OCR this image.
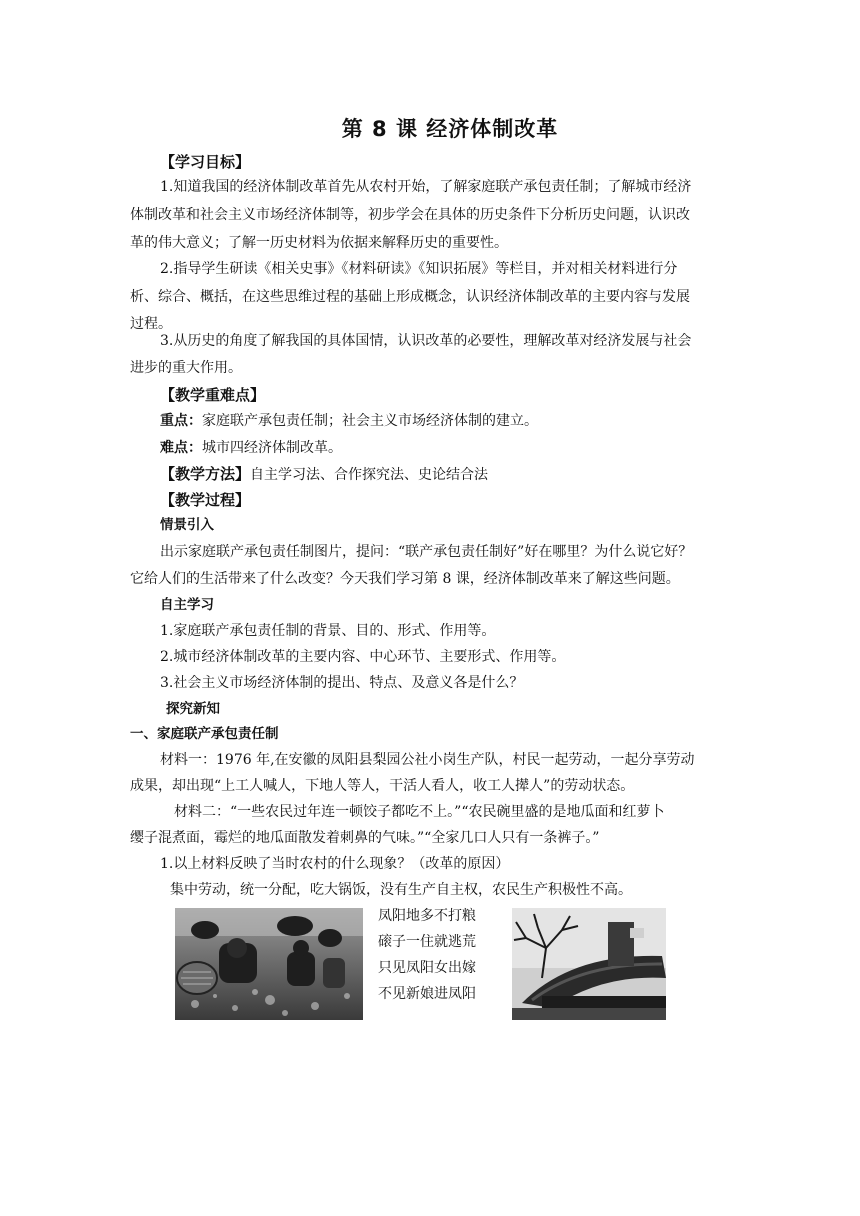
第 8 课 经济体制改革
【学习目标】
1.知道我国的经济体制改革首先从农村开始，了解家庭联产承包责任制；了解城市经济
体制改革和社会主义市场经济体制等，初步学会在具体的历史条件下分析历史问题，认识改
革的伟大意义；了解一历史材料为依据来解释历史的重要性。
2.指导学生研读《相关史事》《材料研读》《知识拓展》等栏目，并对相关材料进行分
析、综合、概括，在这些思维过程的基础上形成概念，认识经济体制改革的主要内容与发展
过程。
3.从历史的角度了解我国的具体国情，认识改革的必要性，理解改革对经济发展与社会
进步的重大作用。
【教学重难点】
重点：家庭联产承包责任制；社会主义市场经济体制的建立。
难点：城市四经济体制改革。
【教学方法】自主学习法、合作探究法、史论结合法
【教学过程】
情景引入
出示家庭联产承包责任制图片，提问：“联产承包责任制好”好在哪里？为什么说它好？
它给人们的生活带来了什么改变？今天我们学习第 8 课，经济体制改革来了解这些问题。
自主学习
1.家庭联产承包责任制的背景、目的、形式、作用等。
2.城市经济体制改革的主要内容、中心环节、主要形式、作用等。
3.社会主义市场经济体制的提出、特点、及意义各是什么？
探究新知
一、家庭联产承包责任制
材料一：1976 年,在安徽的凤阳县梨园公社小岗生产队，村民一起劳动，一起分享劳动
成果，却出现“上工人喊人，下地人等人，干活人看人，收工人撵人”的劳动状态。
材料二：“一些农民过年连一顿饺子都吃不上。”“农民碗里盛的是地瓜面和红萝卜
缨子混煮面，霉烂的地瓜面散发着刺鼻的气味。”“全家几口人只有一条裤子。”
1.以上材料反映了当时农村的什么现象？（改革的原因）
集中劳动，统一分配，吃大锅饭，没有生产自主权，农民生产积极性不高。
凤阳地多不打粮
磙子一住就逃荒
只见凤阳女出嫁
不见新娘进凤阳
